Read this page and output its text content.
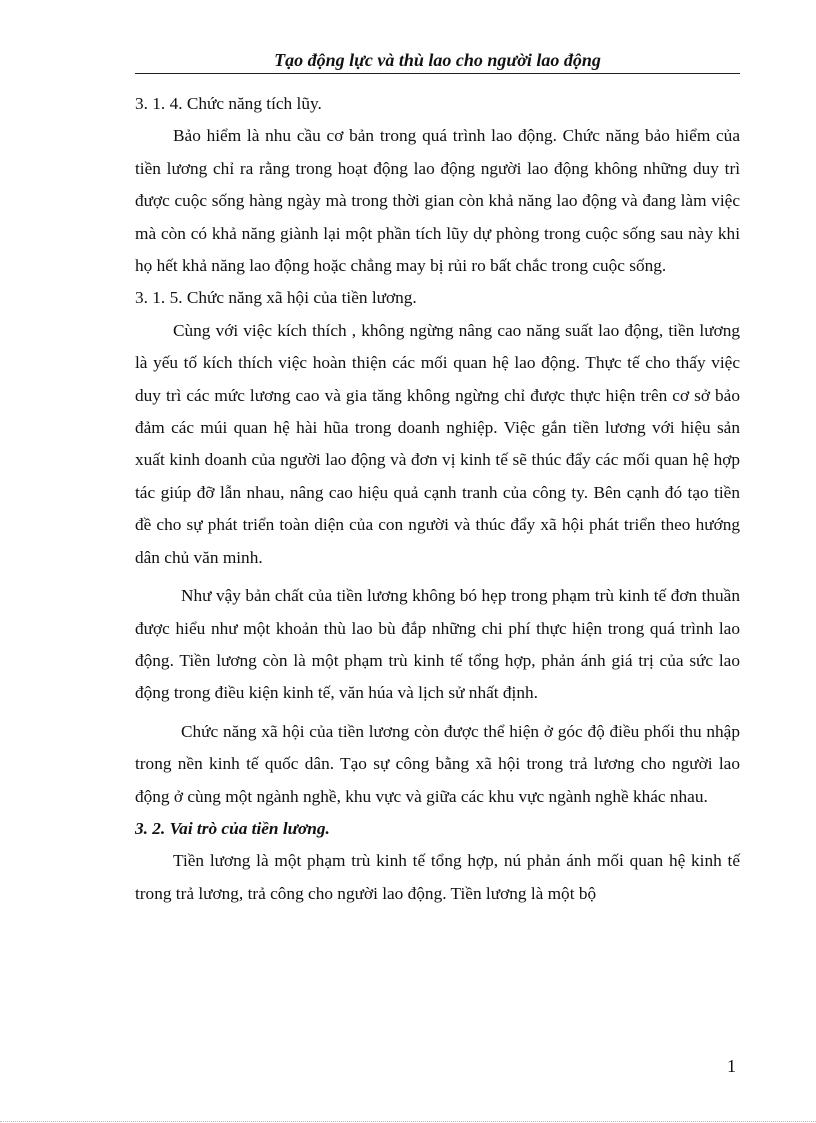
Tạo động lực và thù lao cho người lao động

3. 1. 4. Chức năng tích lũy.

Bảo hiểm là nhu cầu cơ bản trong quá trình lao động. Chức năng bảo hiểm của tiền lương chỉ ra rằng trong hoạt động lao động người lao động không những duy trì được cuộc sống hàng ngày mà trong thời gian còn khả năng lao động và đang làm việc mà còn có khả năng giành lại một phần tích lũy dự phòng trong cuộc sống sau này khi họ hết khả năng lao động hoặc chẳng may bị rủi ro bất chắc trong cuộc sống.

3. 1. 5. Chức năng xã hội của tiền lương.

Cùng với việc kích thích , không ngừng nâng cao năng suất lao động, tiền lương là yếu tố kích thích việc hoàn thiện các mối quan hệ lao động. Thực tế cho thấy việc duy trì các mức lương cao và gia tăng không ngừng chỉ được thực hiện trên cơ sở bảo đảm các múi quan hệ hài hũa trong doanh nghiệp. Việc gắn tiền lương với hiệu sản xuất kinh doanh của người lao động và đơn vị kinh tế sẽ thúc đẩy các mối quan hệ hợp tác giúp đỡ lẫn nhau, nâng cao hiệu quả cạnh tranh của công ty. Bên cạnh đó tạo tiền đề cho sự phát triển toàn diện của con người và thúc đẩy xã hội phát triển theo hướng dân chủ văn minh.

Như vậy bản chất của tiền lương không bó hẹp trong phạm trù kinh tế đơn thuần được hiểu như một khoản thù lao bù đắp những chi phí thực hiện trong quá trình lao động. Tiền lương còn là một phạm trù kinh tế tổng hợp, phản ánh giá trị của sức lao động trong điều kiện kinh tế, văn húa và lịch sử nhất định.

Chức năng xã hội của tiền lương còn được thể hiện ở góc độ điều phối thu nhập trong nền kinh tế quốc dân. Tạo sự công bằng xã hội trong trả lương cho người lao động ở cùng một ngành nghề, khu vực và giữa các khu vực ngành nghề khác nhau.

3. 2. Vai trò của tiền lương.

Tiền lương là một phạm trù kinh tế tổng hợp, nú phản ánh mối quan hệ kinh tế trong trả lương, trả công cho người lao động. Tiền lương là một bộ

1
